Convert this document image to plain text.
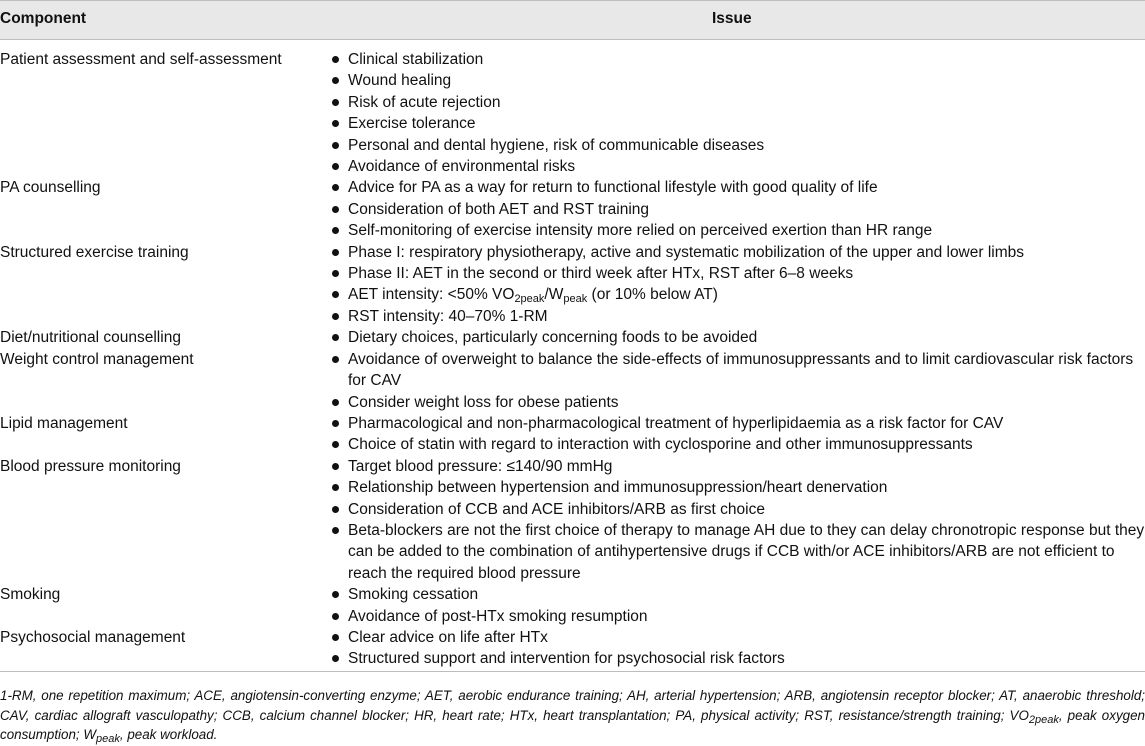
Component	Issue
Patient assessment and self-assessment	Clinical stabilization
Wound healing
Risk of acute rejection
Exercise tolerance
Personal and dental hygiene, risk of communicable diseases
Avoidance of environmental risks
PA counselling	Advice for PA as a way for return to functional lifestyle with good quality of life
Consideration of both AET and RST training
Self-monitoring of exercise intensity more relied on perceived exertion than HR range
Structured exercise training	Phase I: respiratory physiotherapy, active and systematic mobilization of the upper and lower limbs
Phase II: AET in the second or third week after HTx, RST after 6–8 weeks
AET intensity: <50% $VO_{2peak}/W_{peak}$ (or 10% below AT)
RST intensity: 40–70% 1-RM
Diet/nutritional counselling	Dietary choices, particularly concerning foods to be avoided
Weight control management	Avoidance of overweight to balance the side-effects of immunosuppressants and to limit cardiovascular risk factors for CAV
Consider weight loss for obese patients
Lipid management	Pharmacological and non-pharmacological treatment of hyperlipidaemia as a risk factor for CAV
Choice of statin with regard to interaction with cyclosporine and other immunosuppressants
Blood pressure monitoring	Target blood pressure: ≤140/90 mmHg
Relationship between hypertension and immunosuppression/heart denervation
Consideration of CCB and ACE inhibitors/ARB as first choice
Beta-blockers are not the first choice of therapy to manage AH due to they can delay chronotropic response but they can be added to the combination of antihypertensive drugs if CCB with/or ACE inhibitors/ARB are not efficient to reach the required blood pressure
Smoking	Smoking cessation
Avoidance of post-HTx smoking resumption
Psychosocial management	Clear advice on life after HTx
Structured support and intervention for psychosocial risk factors
1-RM, one repetition maximum; ACE, angiotensin-converting enzyme; AET, aerobic endurance training; AH, arterial hypertension; ARB, angiotensin receptor blocker; AT, anaerobic threshold; CAV, cardiac allograft vasculopathy; CCB, calcium channel blocker; HR, heart rate; HTx, heart transplantation; PA, physical activity; RST, resistance/strength training; $VO_{2peak}$, peak oxygen consumption; $W_{peak}$, peak workload.
